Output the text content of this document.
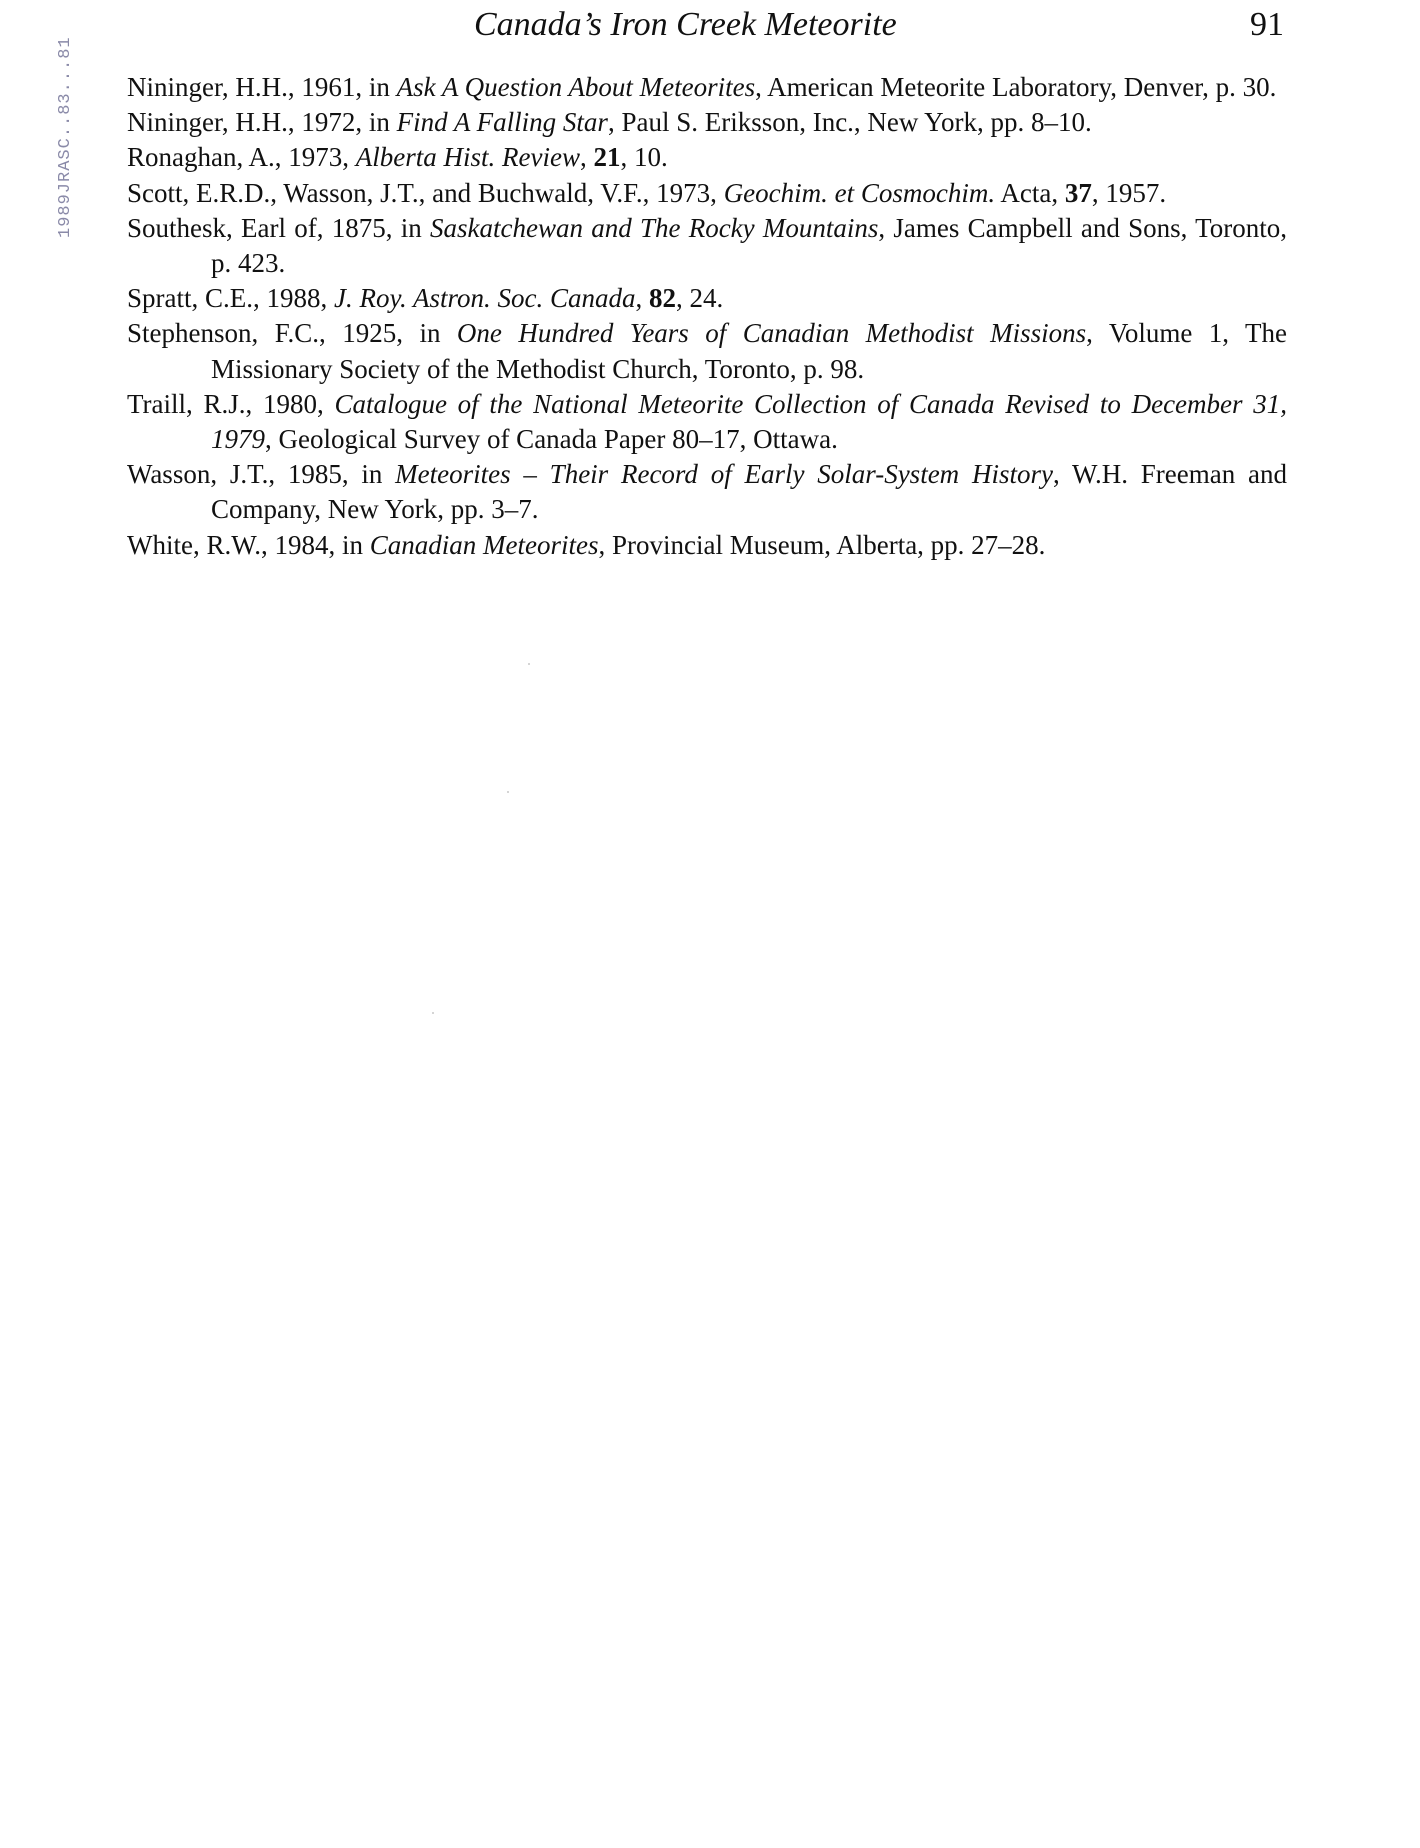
1989JRASC..83...81
Canada’s Iron Creek Meteorite	91

Nininger, H.H., 1961, in Ask A Question About Meteorites, American Meteorite Laboratory, Denver, p. 30.

Nininger, H.H., 1972, in Find A Falling Star, Paul S. Eriksson, Inc., New York, pp. 8–10.

Ronaghan, A., 1973, Alberta Hist. Review, 21, 10.

Scott, E.R.D., Wasson, J.T., and Buchwald, V.F., 1973, Geochim. et Cosmochim. Acta, 37, 1957.

Southesk, Earl of, 1875, in Saskatchewan and The Rocky Mountains, James Campbell and Sons, Toronto, p. 423.

Spratt, C.E., 1988, J. Roy. Astron. Soc. Canada, 82, 24.

Stephenson, F.C., 1925, in One Hundred Years of Canadian Methodist Missions, Volume 1, The Missionary Society of the Methodist Church, Toronto, p. 98.

Traill, R.J., 1980, Catalogue of the National Meteorite Collection of Canada Revised to December 31, 1979, Geological Survey of Canada Paper 80–17, Ottawa.

Wasson, J.T., 1985, in Meteorites – Their Record of Early Solar-System History, W.H. Freeman and Company, New York, pp. 3–7.

White, R.W., 1984, in Canadian Meteorites, Provincial Museum, Alberta, pp. 27–28.
